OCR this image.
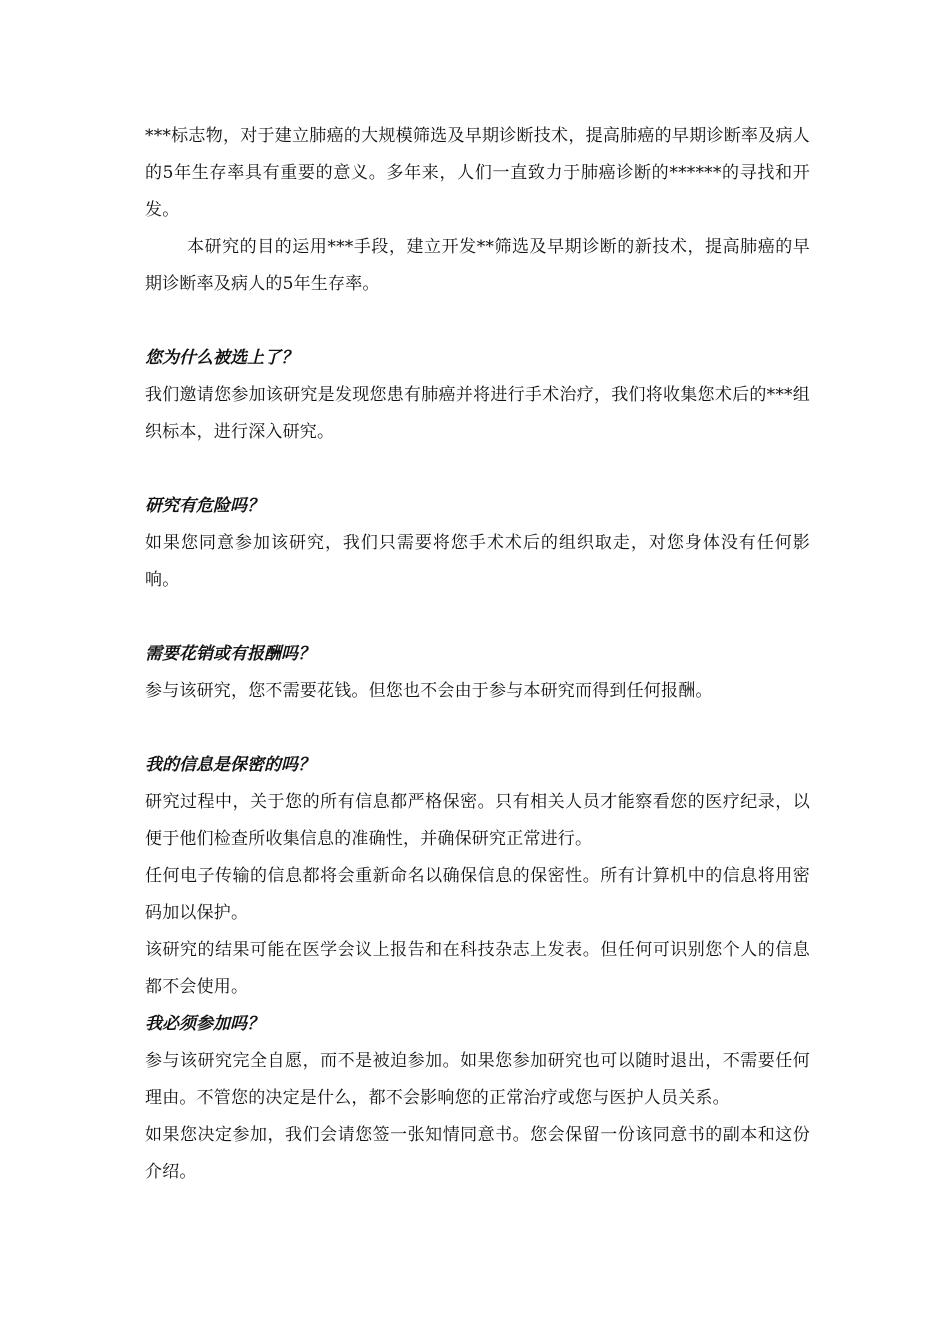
***标志物，对于建立肺癌的大规模筛选及早期诊断技术，提高肺癌的早期诊断率及病人的5年生存率具有重要的意义。多年来，人们一直致力于肺癌诊断的******的寻找和开发。

本研究的目的运用***手段，建立开发**筛选及早期诊断的新技术，提高肺癌的早期诊断率及病人的5年生存率。

您为什么被选上了？

我们邀请您参加该研究是发现您患有肺癌并将进行手术治疗，我们将收集您术后的***组织标本，进行深入研究。

研究有危险吗？

如果您同意参加该研究，我们只需要将您手术术后的组织取走，对您身体没有任何影响。

需要花销或有报酬吗？

参与该研究，您不需要花钱。但您也不会由于参与本研究而得到任何报酬。

我的信息是保密的吗？

研究过程中，关于您的所有信息都严格保密。只有相关人员才能察看您的医疗纪录，以便于他们检查所收集信息的准确性，并确保研究正常进行。

任何电子传输的信息都将会重新命名以确保信息的保密性。所有计算机中的信息将用密码加以保护。

该研究的结果可能在医学会议上报告和在科技杂志上发表。但任何可识别您个人的信息都不会使用。

我必须参加吗？

参与该研究完全自愿，而不是被迫参加。如果您参加研究也可以随时退出，不需要任何理由。不管您的决定是什么，都不会影响您的正常治疗或您与医护人员关系。

如果您决定参加，我们会请您签一张知情同意书。您会保留一份该同意书的副本和这份介绍。
